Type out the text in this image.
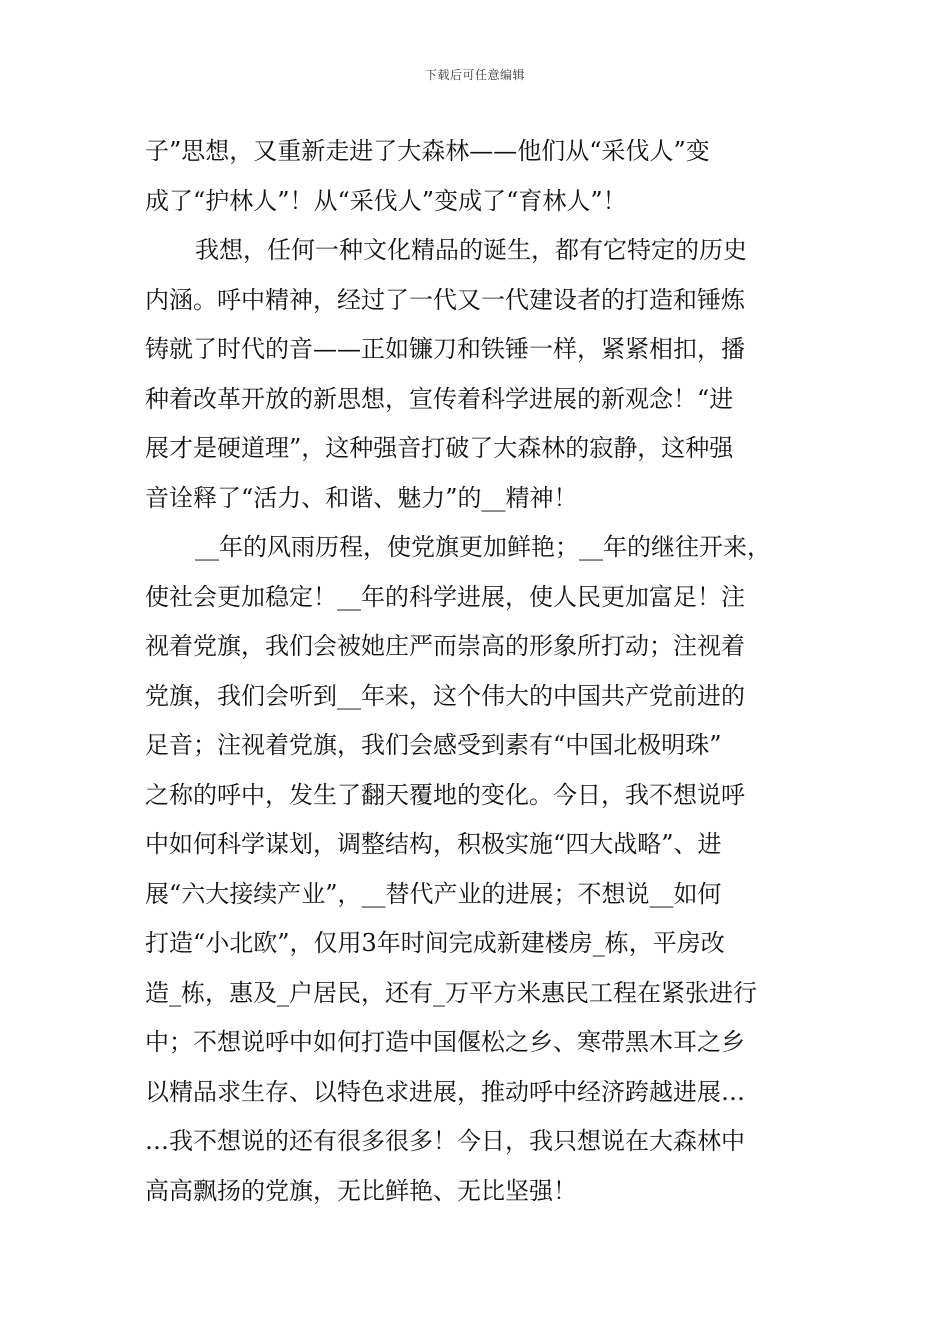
下载后可任意编辑
子”思想，又重新走进了大森林——他们从“采伐人”变
成了“护林人”！从“采伐人”变成了“育林人”！
我想，任何一种文化精品的诞生，都有它特定的历史
内涵。呼中精神，经过了一代又一代建设者的打造和锤炼
铸就了时代的音——正如镰刀和铁锤一样，紧紧相扣，播
种着改革开放的新思想，宣传着科学进展的新观念！“进
展才是硬道理”，这种强音打破了大森林的寂静，这种强
音诠释了“活力、和谐、魅力”的__精神！
__年的风雨历程，使党旗更加鲜艳；__年的继往开来，
使社会更加稳定！__年的科学进展，使人民更加富足！注
视着党旗，我们会被她庄严而崇高的形象所打动；注视着
党旗，我们会听到__年来，这个伟大的中国共产党前进的
足音；注视着党旗，我们会感受到素有“中国北极明珠”
之称的呼中，发生了翻天覆地的变化。今日，我不想说呼
中如何科学谋划，调整结构，积极实施“四大战略”、进
展“六大接续产业”，__替代产业的进展；不想说__如何
打造“小北欧”，仅用3年时间完成新建楼房_栋，平房改
造_栋，惠及_户居民，还有_万平方米惠民工程在紧张进行
中；不想说呼中如何打造中国偃松之乡、寒带黑木耳之乡
以精品求生存、以特色求进展，推动呼中经济跨越进展…
…我不想说的还有很多很多！今日，我只想说在大森林中
高高飘扬的党旗，无比鲜艳、无比坚强！
